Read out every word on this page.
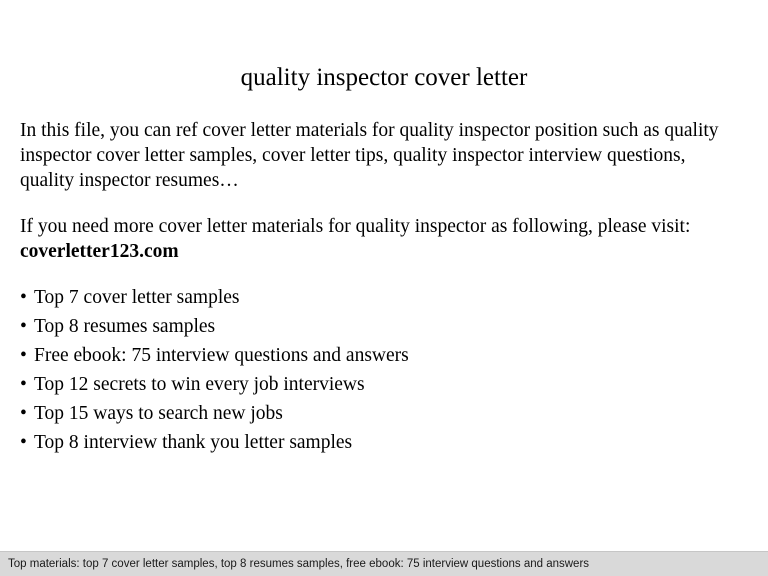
quality inspector cover letter

In this file, you can ref cover letter materials for quality inspector position such as quality inspector cover letter samples, cover letter tips, quality inspector interview questions, quality inspector resumes…

If you need more cover letter materials for quality inspector as following, please visit: coverletter123.com

• Top 7 cover letter samples
• Top 8 resumes samples
• Free ebook: 75 interview questions and answers
• Top 12 secrets to win every job interviews
• Top 15 ways to search new jobs
• Top 8 interview thank you letter samples
Top materials: top 7 cover letter samples, top 8 resumes samples, free ebook: 75 interview questions and answers
